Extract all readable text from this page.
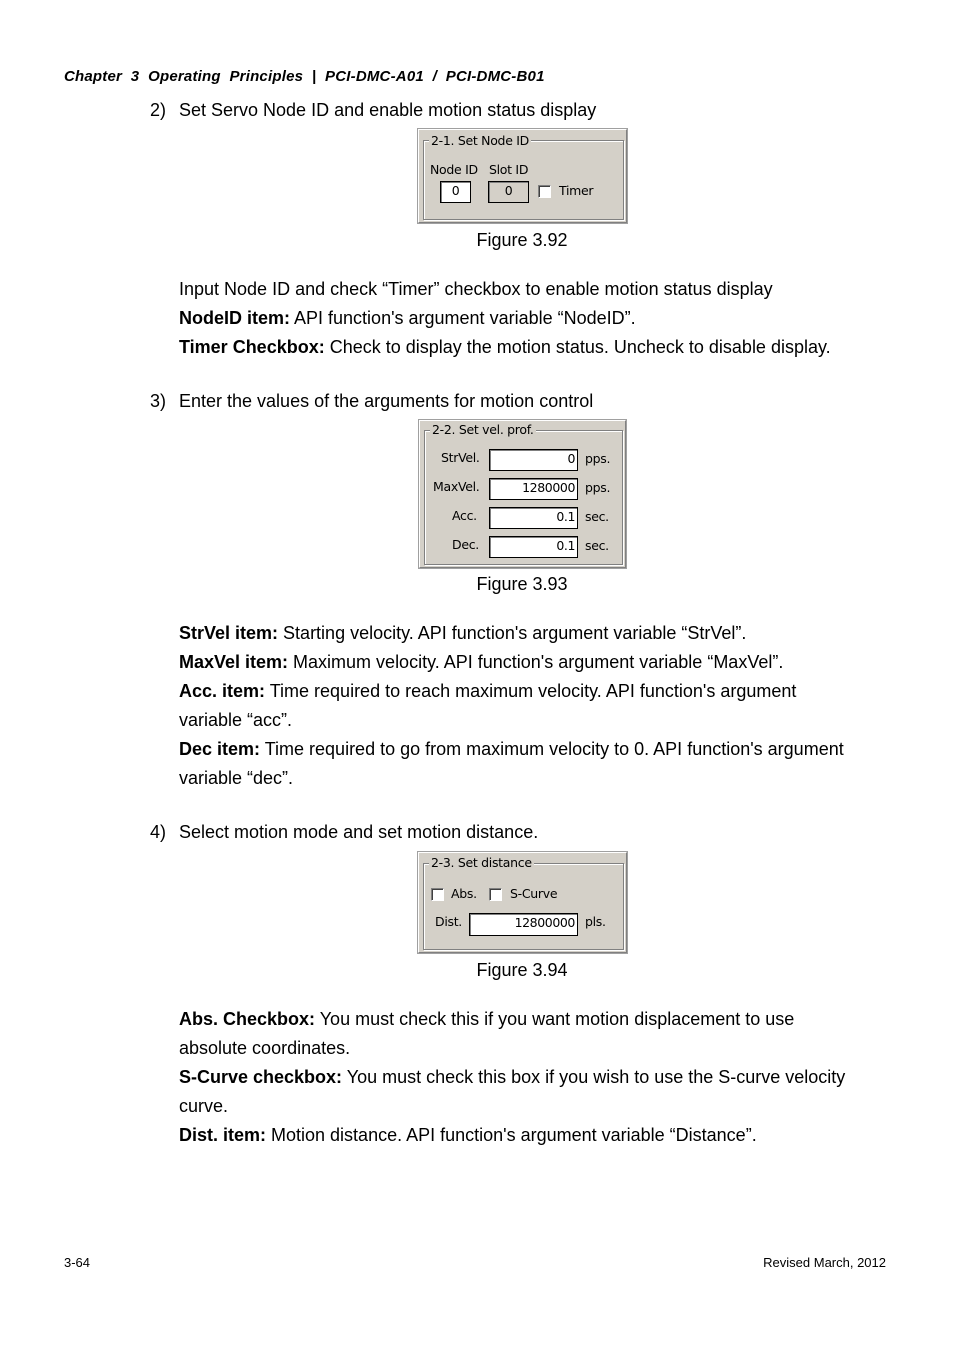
Chapter  3  Operating  Principles  |  PCI-DMC-A01  /  PCI-DMC-B01
2) Set Servo Node ID and enable motion status display
2-1. Set Node ID
Node ID Slot ID
0	0	Timer
Figure 3.92
Input Node ID and check “Timer” checkbox to enable motion status display
NodeID item: API function's argument variable “NodeID”.
Timer Checkbox: Check to display the motion status. Uncheck to disable display.
3) Enter the values of the arguments for motion control
2-2. Set vel. prof.
StrVel.	0 pps.
MaxVel.	1280000 pps.
Acc.	0.1 sec.
Dec.	0.1 sec.
Figure 3.93
StrVel item: Starting velocity. API function's argument variable “StrVel”.
MaxVel item: Maximum velocity. API function's argument variable “MaxVel”.
Acc. item: Time required to reach maximum velocity. API function's argument
variable “acc”.
Dec item: Time required to go from maximum velocity to 0. API function's argument
variable “dec”.
4) Select motion mode and set motion distance.
2-3. Set distance
Abs.	S-Curve
Dist.	12800000 pls.
Figure 3.94
Abs. Checkbox: You must check this if you want motion displacement to use
absolute coordinates.
S-Curve checkbox: You must check this box if you wish to use the S-curve velocity
curve.
Dist. item: Motion distance. API function's argument variable “Distance”.
3-64	Revised March, 2012
